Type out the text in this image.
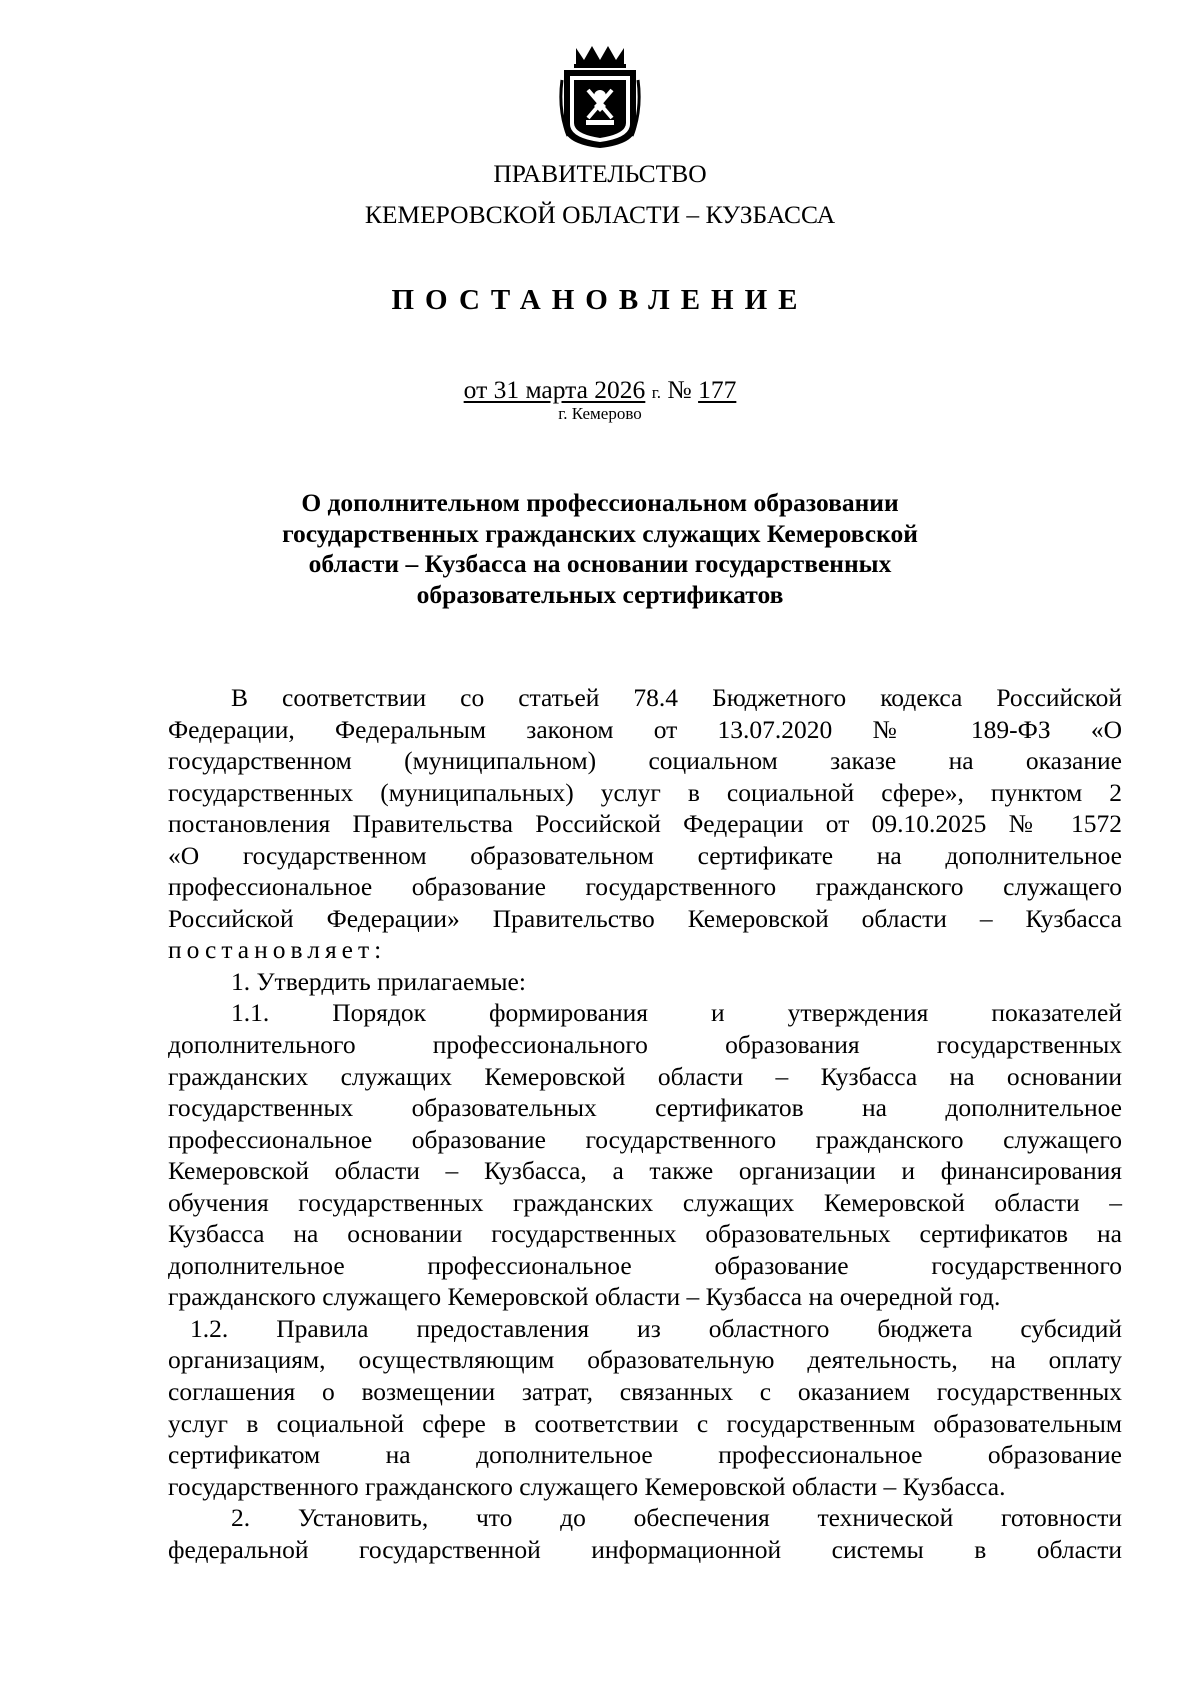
ПРАВИТЕЛЬСТВО
КЕМЕРОВСКОЙ ОБЛАСТИ – КУЗБАССА
ПОСТАНОВЛЕНИЕ
от 31 марта 2026 г. № 177
г. Кемерово
О дополнительном профессиональном образовании
государственных гражданских служащих Кемеровской
области – Кузбасса на основании государственных
образовательных сертификатов

В соответствии со статьей 78.4 Бюджетного кодекса Российской
Федерации, Федеральным законом от 13.07.2020 № 189-ФЗ «О
государственном (муниципальном) социальном заказе на оказание
государственных (муниципальных) услуг в социальной сфере», пунктом 2
постановления Правительства Российской Федерации от 09.10.2025 № 1572
«О государственном образовательном сертификате на дополнительное
профессиональное образование государственного гражданского служащего
Российской Федерации» Правительство Кемеровской области – Кузбасса
постановляет:

1. Утвердить прилагаемые:

1.1. Порядок формирования и утверждения показателей
дополнительного профессионального образования государственных
гражданских служащих Кемеровской области – Кузбасса на основании
государственных образовательных сертификатов на дополнительное
профессиональное образование государственного гражданского служащего
Кемеровской области – Кузбасса, а также организации и финансирования
обучения государственных гражданских служащих Кемеровской области –
Кузбасса на основании государственных образовательных сертификатов на
дополнительное профессиональное образование государственного
гражданского служащего Кемеровской области – Кузбасса на очередной год.

1.2. Правила предоставления из областного бюджета субсидий
организациям, осуществляющим образовательную деятельность, на оплату
соглашения о возмещении затрат, связанных с оказанием государственных
услуг в социальной сфере в соответствии с государственным образовательным
сертификатом на дополнительное профессиональное образование
государственного гражданского служащего Кемеровской области – Кузбасса.

2. Установить, что до обеспечения технической готовности
федеральной государственной информационной системы в области
